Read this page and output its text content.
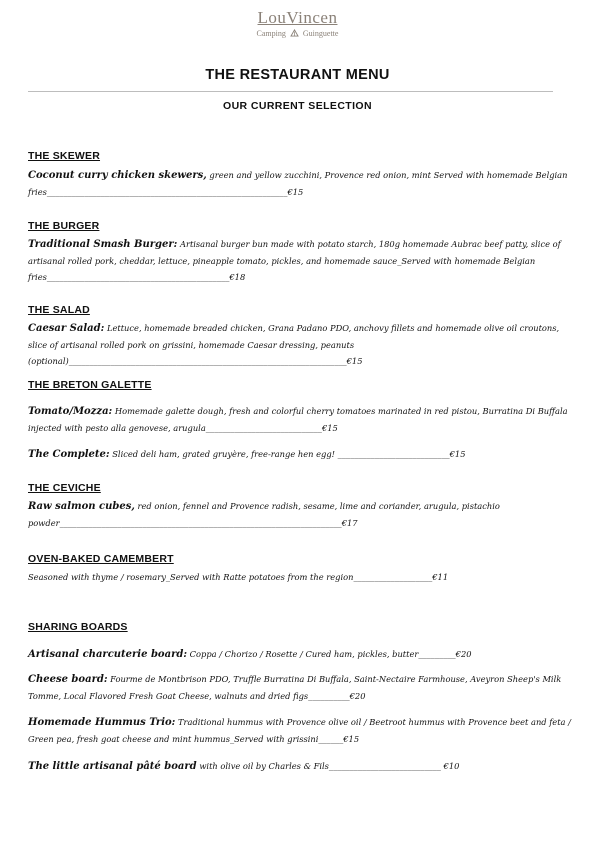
LouVincen
Camping Guinguette
THE RESTAURANT MENU
OUR CURRENT SELECTION
THE SKEWER
Coconut curry chicken skewers, green and yellow zucchini, Provence red onion, mint Served with homemade Belgian fries__________________________________________________________€15
THE BURGER
Traditional Smash Burger: Artisanal burger bun made with potato starch, 180g homemade Aubrac beef patty, slice of artisanal rolled pork, cheddar, lettuce, pineapple tomato, pickles, and homemade sauce_Served with homemade Belgian fries____________________________________________€18
THE SALAD
Caesar Salad: Lettuce, homemade breaded chicken, Grana Padano PDO, anchovy fillets and homemade olive oil croutons, slice of artisanal rolled pork on grissini, homemade Caesar dressing, peanuts (optional)___________________________________________________________________€15
THE BRETON GALETTE
Tomato/Mozza: Homemade galette dough, fresh and colorful cherry tomatoes marinated in red pistou, Burratina Di Buffala injected with pesto alla genovese, arugula____________________________€15
The Complete: Sliced deli ham, grated gruyère, free-range hen egg! ___________________________€15
THE CEVICHE
Raw salmon cubes, red onion, fennel and Provence radish, sesame, lime and coriander, arugula, pistachio powder____________________________________________________________________€17
OVEN-BAKED CAMEMBERT
Seasoned with thyme / rosemary_Served with Ratte potatoes from the region___________________€11
SHARING BOARDS
Artisanal charcuterie board: Coppa / Chorizo / Rosette / Cured ham, pickles, butter_________€20
Cheese board: Fourme de Montbrison PDO, Truffle Burratina Di Buffala, Saint-Nectaire Farmhouse, Aveyron Sheep's Milk Tomme, Local Flavored Fresh Goat Cheese, walnuts and dried figs__________€20
Homemade Hummus Trio: Traditional hummus with Provence olive oil / Beetroot hummus with Provence beet and feta / Green pea, fresh goat cheese and mint hummus_Served with grissini______€15
The little artisanal pâté board with olive oil by Charles & Fils___________________________ €10
